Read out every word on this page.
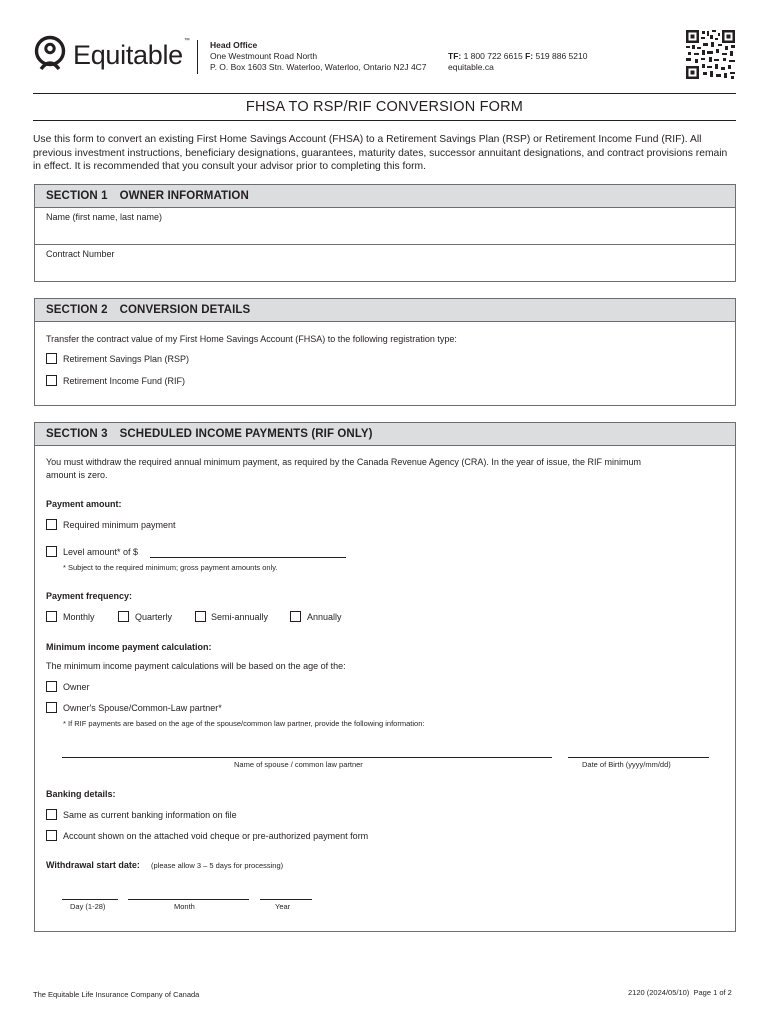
Equitable ™ Head Office
One Westmount Road North
P. O. Box 1603 Stn. Waterloo, Waterloo, Ontario N2J 4C7
TF: 1 800 722 6615 F: 519 886 5210
equitable.ca
FHSA TO RSP/RIF CONVERSION FORM
Use this form to convert an existing First Home Savings Account (FHSA) to a Retirement Savings Plan (RSP) or Retirement Income Fund (RIF). All previous investment instructions, beneficiary designations, guarantees, maturity dates, successor annuitant designations, and contract provisions remain in effect. It is recommended that you consult your advisor prior to completing this form.
SECTION 1 OWNER INFORMATION
Name (first name, last name)
Contract Number
SECTION 2 CONVERSION DETAILS
Transfer the contract value of my First Home Savings Account (FHSA) to the following registration type:
Retirement Savings Plan (RSP)
Retirement Income Fund (RIF)
SECTION 3 SCHEDULED INCOME PAYMENTS (RIF ONLY)
You must withdraw the required annual minimum payment, as required by the Canada Revenue Agency (CRA). In the year of issue, the RIF minimum
amount is zero.
Payment amount:
Required minimum payment
Level amount* of $
* Subject to the required minimum; gross payment amounts only.
Payment frequency:
Monthly	Quarterly	Semi-annually	Annually
Minimum income payment calculation:
The minimum income payment calculations will be based on the age of the:
Owner
Owner's Spouse/Common-Law partner*
* If RIF payments are based on the age of the spouse/common law partner, provide the following information:
Name of spouse / common law partner	Date of Birth (yyyy/mm/dd)
Banking details:
Same as current banking information on file
Account shown on the attached void cheque or pre-authorized payment form
Withdrawal start date: (please allow 3 – 5 days for processing)
Day (1-28)	Month	Year
The Equitable Life Insurance Company of Canada	2120 (2024/05/10) Page 1 of 2
